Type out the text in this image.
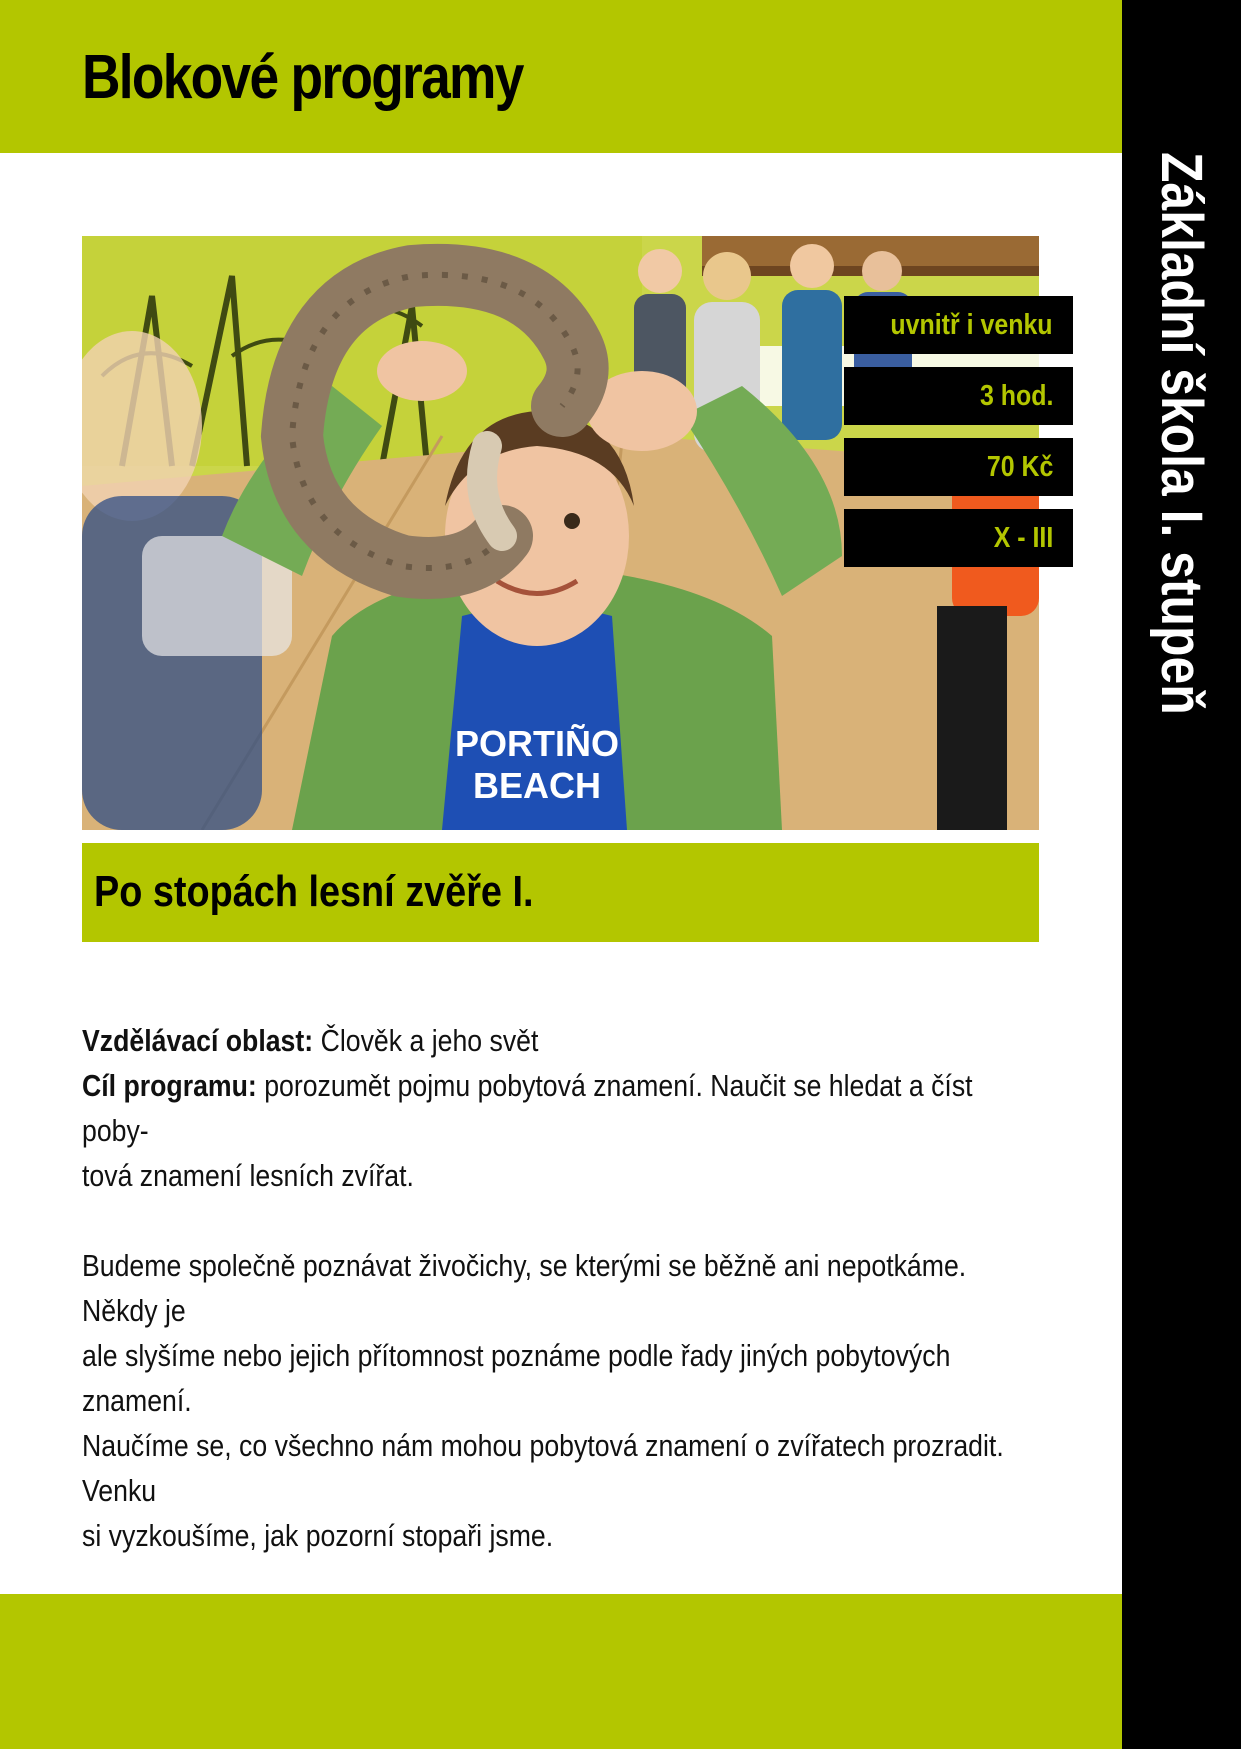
Blokové programy
Základní škola I. stupeň
PORTIÑO
BEACH
uvnitř i venku
3 hod.
70 Kč
X - III
Po stopách lesní zvěře I.

Vzdělávací oblast: Člověk a jeho svět

Cíl programu: porozumět pojmu pobytová znamení. Naučit se hledat a číst poby-

tová znamení lesních zvířat.

Budeme společně poznávat živočichy, se kterými se běžně ani nepotkáme. Někdy je

ale slyšíme nebo jejich přítomnost poznáme podle řady jiných pobytových znamení.

Naučíme se, co všechno nám mohou pobytová znamení o zvířatech prozradit. Venku

si vyzkoušíme, jak pozorní stopaři jsme.
